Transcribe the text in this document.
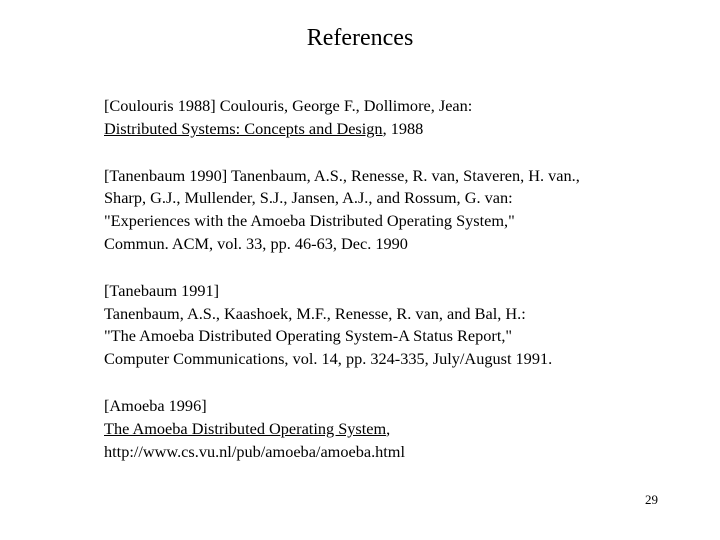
References
[Coulouris 1988] Coulouris, George F., Dollimore, Jean:
Distributed Systems: Concepts and Design, 1988
[Tanenbaum 1990] Tanenbaum, A.S., Renesse, R. van, Staveren, H. van.,
Sharp, G.J., Mullender, S.J., Jansen, A.J., and Rossum, G. van:
"Experiences with the Amoeba Distributed Operating System,"
Commun. ACM, vol. 33, pp. 46-63, Dec. 1990
[Tanebaum 1991]
Tanenbaum, A.S., Kaashoek, M.F., Renesse, R. van, and Bal, H.:
"The Amoeba Distributed Operating System-A Status Report,"
Computer Communications, vol. 14, pp. 324-335, July/August 1991.
[Amoeba 1996]
The Amoeba Distributed Operating System,
http://www.cs.vu.nl/pub/amoeba/amoeba.html
29
